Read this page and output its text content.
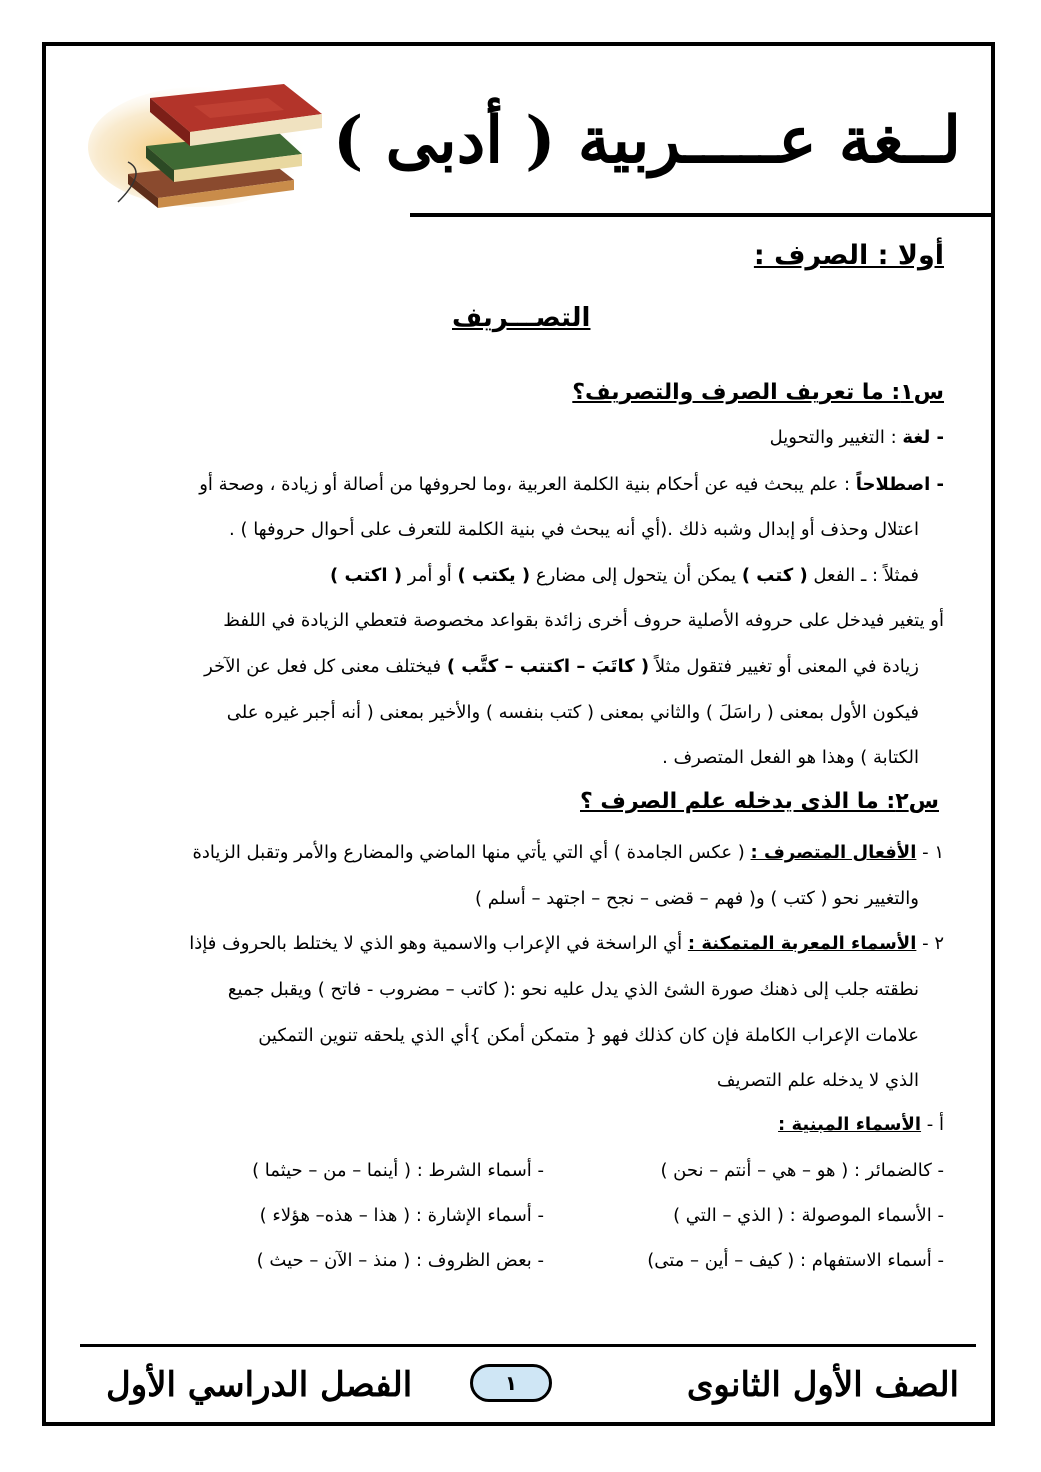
لــغة عـــــربية ( أدبى )
أولا : الصرف :
التصـــريف
س١: ما تعريف الصرف والتصريف؟
- لغة : التغيير والتحويل
- اصطلاحاً : علم يبحث فيه عن أحكام بنية الكلمة العربية ،وما لحروفها من أصالة أو زيادة ، وصحة أو
اعتلال وحذف أو إبدال وشبه ذلك .(أي أنه يبحث في بنية الكلمة للتعرف على أحوال حروفها ) .
فمثلاً : ـ الفعل ( كتب ) يمكن أن يتحول إلى مضارع ( يكتب ) أو أمر ( اكتب )
أو يتغير فيدخل على حروفه الأصلية حروف أخرى زائدة بقواعد مخصوصة فتعطي الزيادة في اللفظ
زيادة في المعنى أو تغيير فتقول مثلاً ( كاتَبَ – اكتتب – كتَّب ) فيختلف معنى كل فعل عن الآخر
فيكون الأول بمعنى ( راسَلَ ) والثاني بمعنى ( كتب بنفسه ) والأخير بمعنى ( أنه أجبر غيره على
الكتابة ) وهذا هو الفعل المتصرف .
س٢: ما الذى يدخله علم الصرف ؟
١ - الأفعال المتصرف : ( عكس الجامدة ) أي التي يأتي منها الماضي والمضارع والأمر وتقبل الزيادة
والتغيير نحو ( كتب ) و( فهم – قضى – نجح – اجتهد – أسلم )
٢ - الأسماء المعربة المتمكنة : أي الراسخة في الإعراب والاسمية وهو الذي لا يختلط بالحروف فإذا
نطقته جلب إلى ذهنك صورة الشئ الذي يدل عليه نحو :( كاتب – مضروب - فاتح ) ويقبل جميع
علامات الإعراب الكاملة فإن كان كذلك فهو { متمكن أمكن }أي الذي يلحقه تنوين التمكين
الذي لا يدخله علم التصريف
أ - الأسماء المبنية :
- كالضمائر : ( هو – هي – أنتم – نحن )
- الأسماء الموصولة : ( الذي – التي )
- أسماء الاستفهام : ( كيف – أين – متى)
- أسماء الشرط : ( أينما – من – حيثما )
- أسماء الإشارة : ( هذا – هذه– هؤلاء )
- بعض الظروف : ( منذ – الآن – حيث )
الصف الأول الثانوى
١
الفصل الدراسي الأول
